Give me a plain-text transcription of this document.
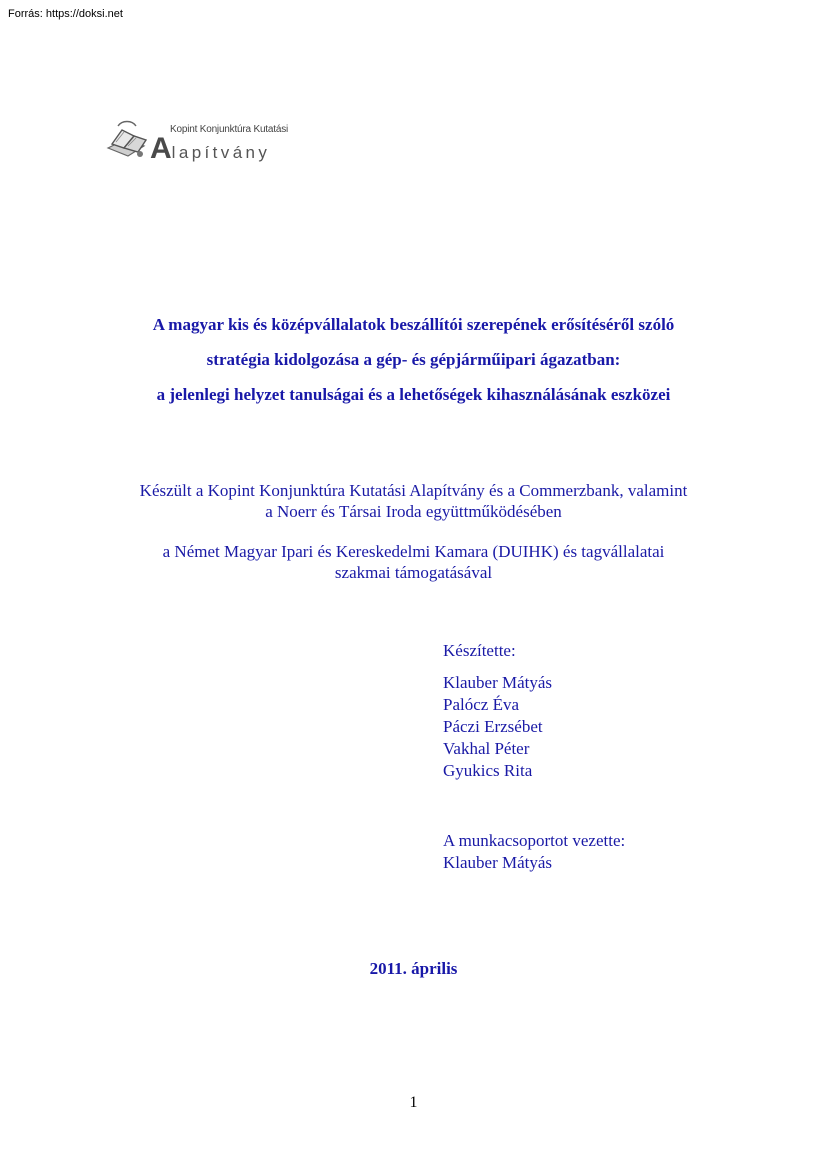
Forrás: https://doksi.net
Kopint Konjunktúra Kutatási
Alapítvány
A magyar kis és középvállalatok beszállítói szerepének erősítéséről szóló
stratégia kidolgozása a gép- és gépjárműipari ágazatban:
a jelenlegi helyzet tanulságai és a lehetőségek kihasználásának eszközei
Készült a Kopint Konjunktúra Kutatási Alapítvány és a Commerzbank, valamint
a Noerr és Társai Iroda együttműködésében
a Német Magyar Ipari és Kereskedelmi Kamara (DUIHK) és tagvállalatai
szakmai támogatásával
Készítette:
Klauber Mátyás
Palócz Éva
Páczi Erzsébet
Vakhal Péter
Gyukics Rita
A munkacsoportot vezette:
Klauber Mátyás
2011. április
1
